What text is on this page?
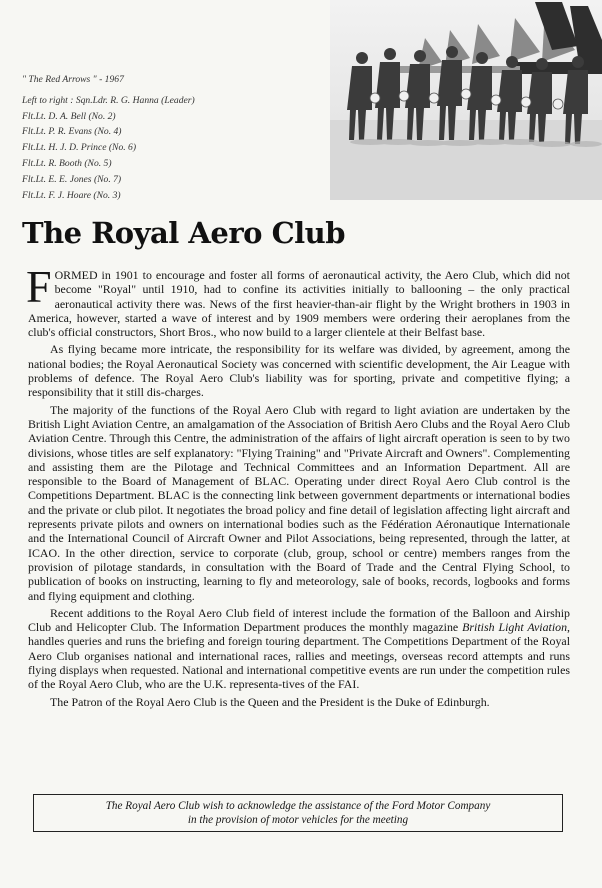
" The Red Arrows " - 1967
Left to right : Sqn.Ldr. R. G. Hanna (Leader)
Flt.Lt. D. A. Bell (No. 2)
Flt.Lt. P. R. Evans (No. 4)
Flt.Lt. H. J. D. Prince (No. 6)
Flt.Lt. R. Booth (No. 5)
Flt.Lt. E. E. Jones (No. 7)
Flt.Lt. F. J. Hoare (No. 3)
The Royal Aero Club

FORMED in 1901 to encourage and foster all forms of aeronautical activity, the Aero Club, which did not become "Royal" until 1910, had to confine its activities initially to ballooning – the only practical aeronautical activity there was. News of the first heavier-than-air flight by the Wright brothers in 1903 in America, however, started a wave of interest and by 1909 members were ordering their aeroplanes from the club's official constructors, Short Bros., who now build to a larger clientele at their Belfast base.

As flying became more intricate, the responsibility for its welfare was divided, by agreement, among the national bodies; the Royal Aeronautical Society was concerned with scientific development, the Air League with problems of defence. The Royal Aero Club's liability was for sporting, private and competitive flying; a responsibility that it still dis-charges.

The majority of the functions of the Royal Aero Club with regard to light aviation are undertaken by the British Light Aviation Centre, an amalgamation of the Association of British Aero Clubs and the Royal Aero Club Aviation Centre. Through this Centre, the administration of the affairs of light aircraft operation is seen to by two divisions, whose titles are self explanatory: "Flying Training" and "Private Aircraft and Owners". Complementing and assisting them are the Pilotage and Technical Committees and an Information Department. All are responsible to the Board of Management of BLAC. Operating under direct Royal Aero Club control is the Competitions Department. BLAC is the connecting link between government departments or international bodies and the private or club pilot. It negotiates the broad policy and fine detail of legislation affecting light aircraft and represents private pilots and owners on international bodies such as the Fédération Aéronautique Internationale and the International Council of Aircraft Owner and Pilot Associations, being represented, through the latter, at ICAO. In the other direction, service to corporate (club, group, school or centre) members ranges from the provision of pilotage standards, in consultation with the Board of Trade and the Central Flying School, to publication of books on instructing, learning to fly and meteorology, sale of books, records, logbooks and forms and flying equipment and clothing.

Recent additions to the Royal Aero Club field of interest include the formation of the Balloon and Airship Club and Helicopter Club. The Information Department produces the monthly magazine British Light Aviation, handles queries and runs the briefing and foreign touring department. The Competitions Department of the Royal Aero Club organises national and international races, rallies and meetings, overseas record attempts and runs flying displays when requested. National and international competitive events are run under the competition rules of the Royal Aero Club, who are the U.K. representa-tives of the FAI.

The Patron of the Royal Aero Club is the Queen and the President is the Duke of Edinburgh.

The Royal Aero Club wish to acknowledge the assistance of the Ford Motor Company
in the provision of motor vehicles for the meeting
